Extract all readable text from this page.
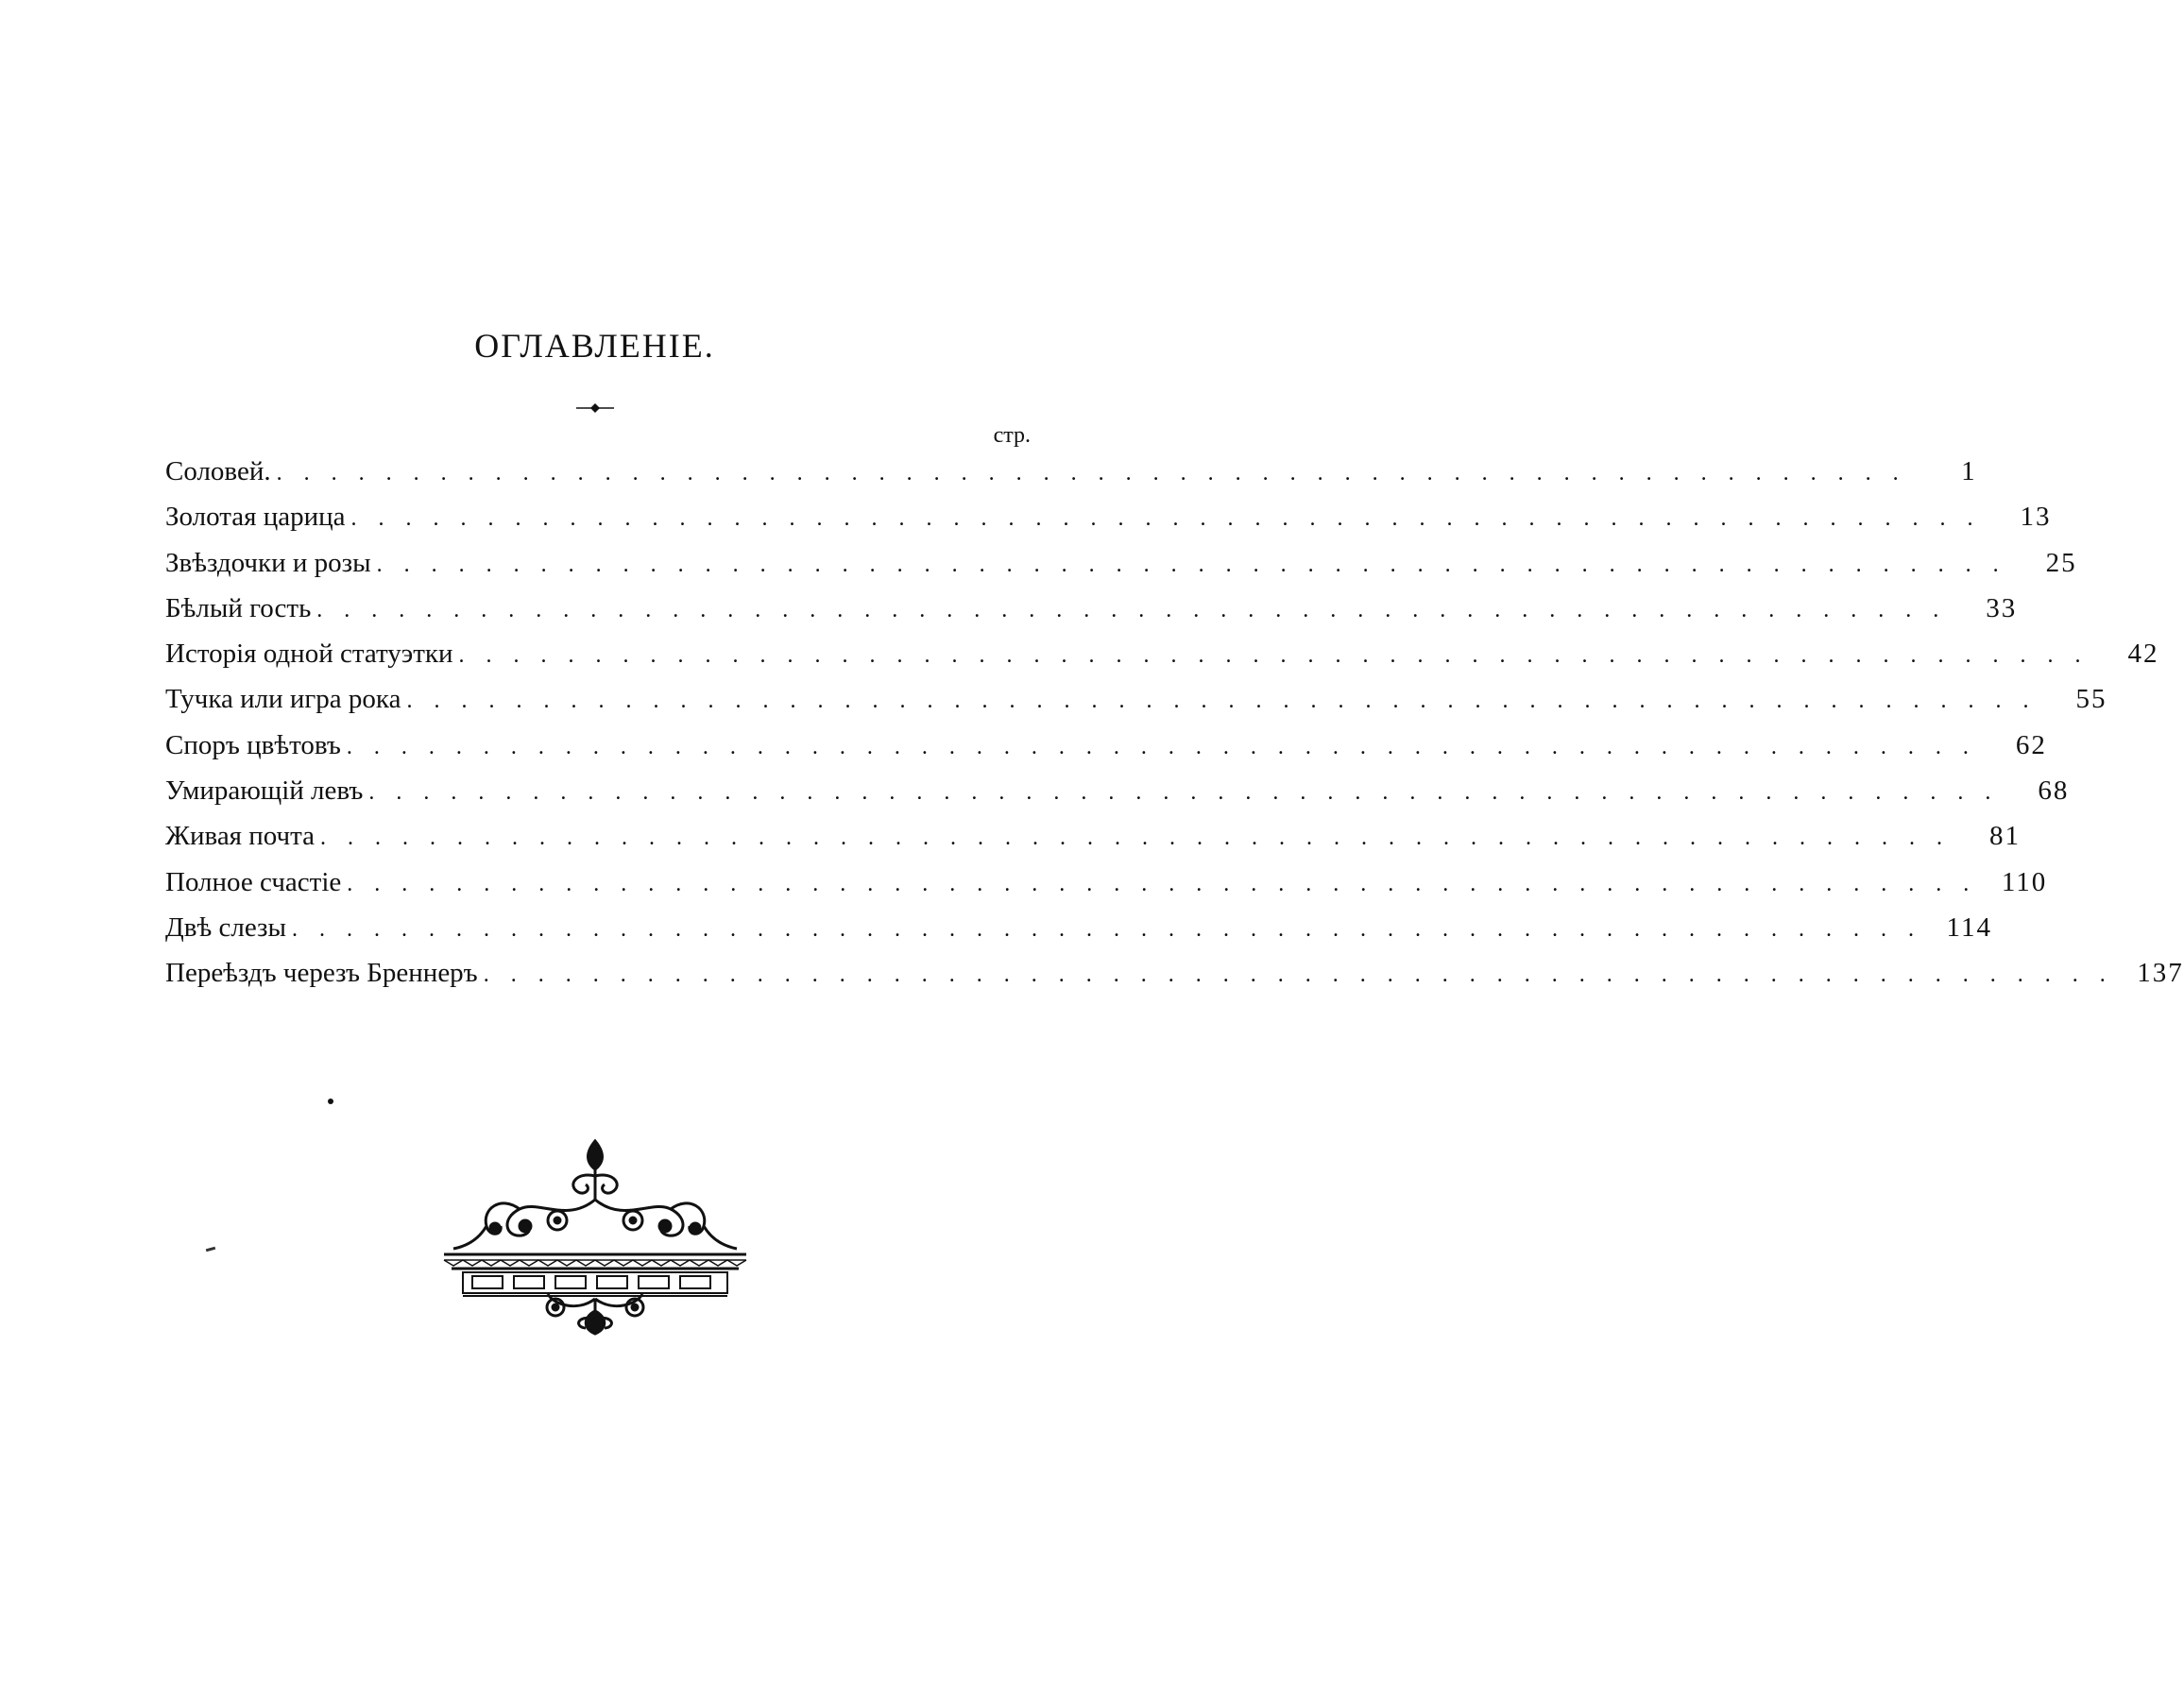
ОГЛАВЛЕНІЕ.
стр.
Соловей. ............................................................	1
Золотая царица ............................................................ 13
Звѣздочки и розы ............................................................ 25
Бѣлый гость ............................................................ 33
Исторія одной статуэтки ............................................................ 42
Тучка или игра рока ............................................................ 55
Споръ цвѣтовъ ............................................................ 62
Умирающій левъ ............................................................ 68
Живая почта ............................................................ 81
Полное счастіе ............................................................ 110
Двѣ слезы ............................................................ 114
Переѣздъ черезъ Бреннеръ ............................................................ 137
